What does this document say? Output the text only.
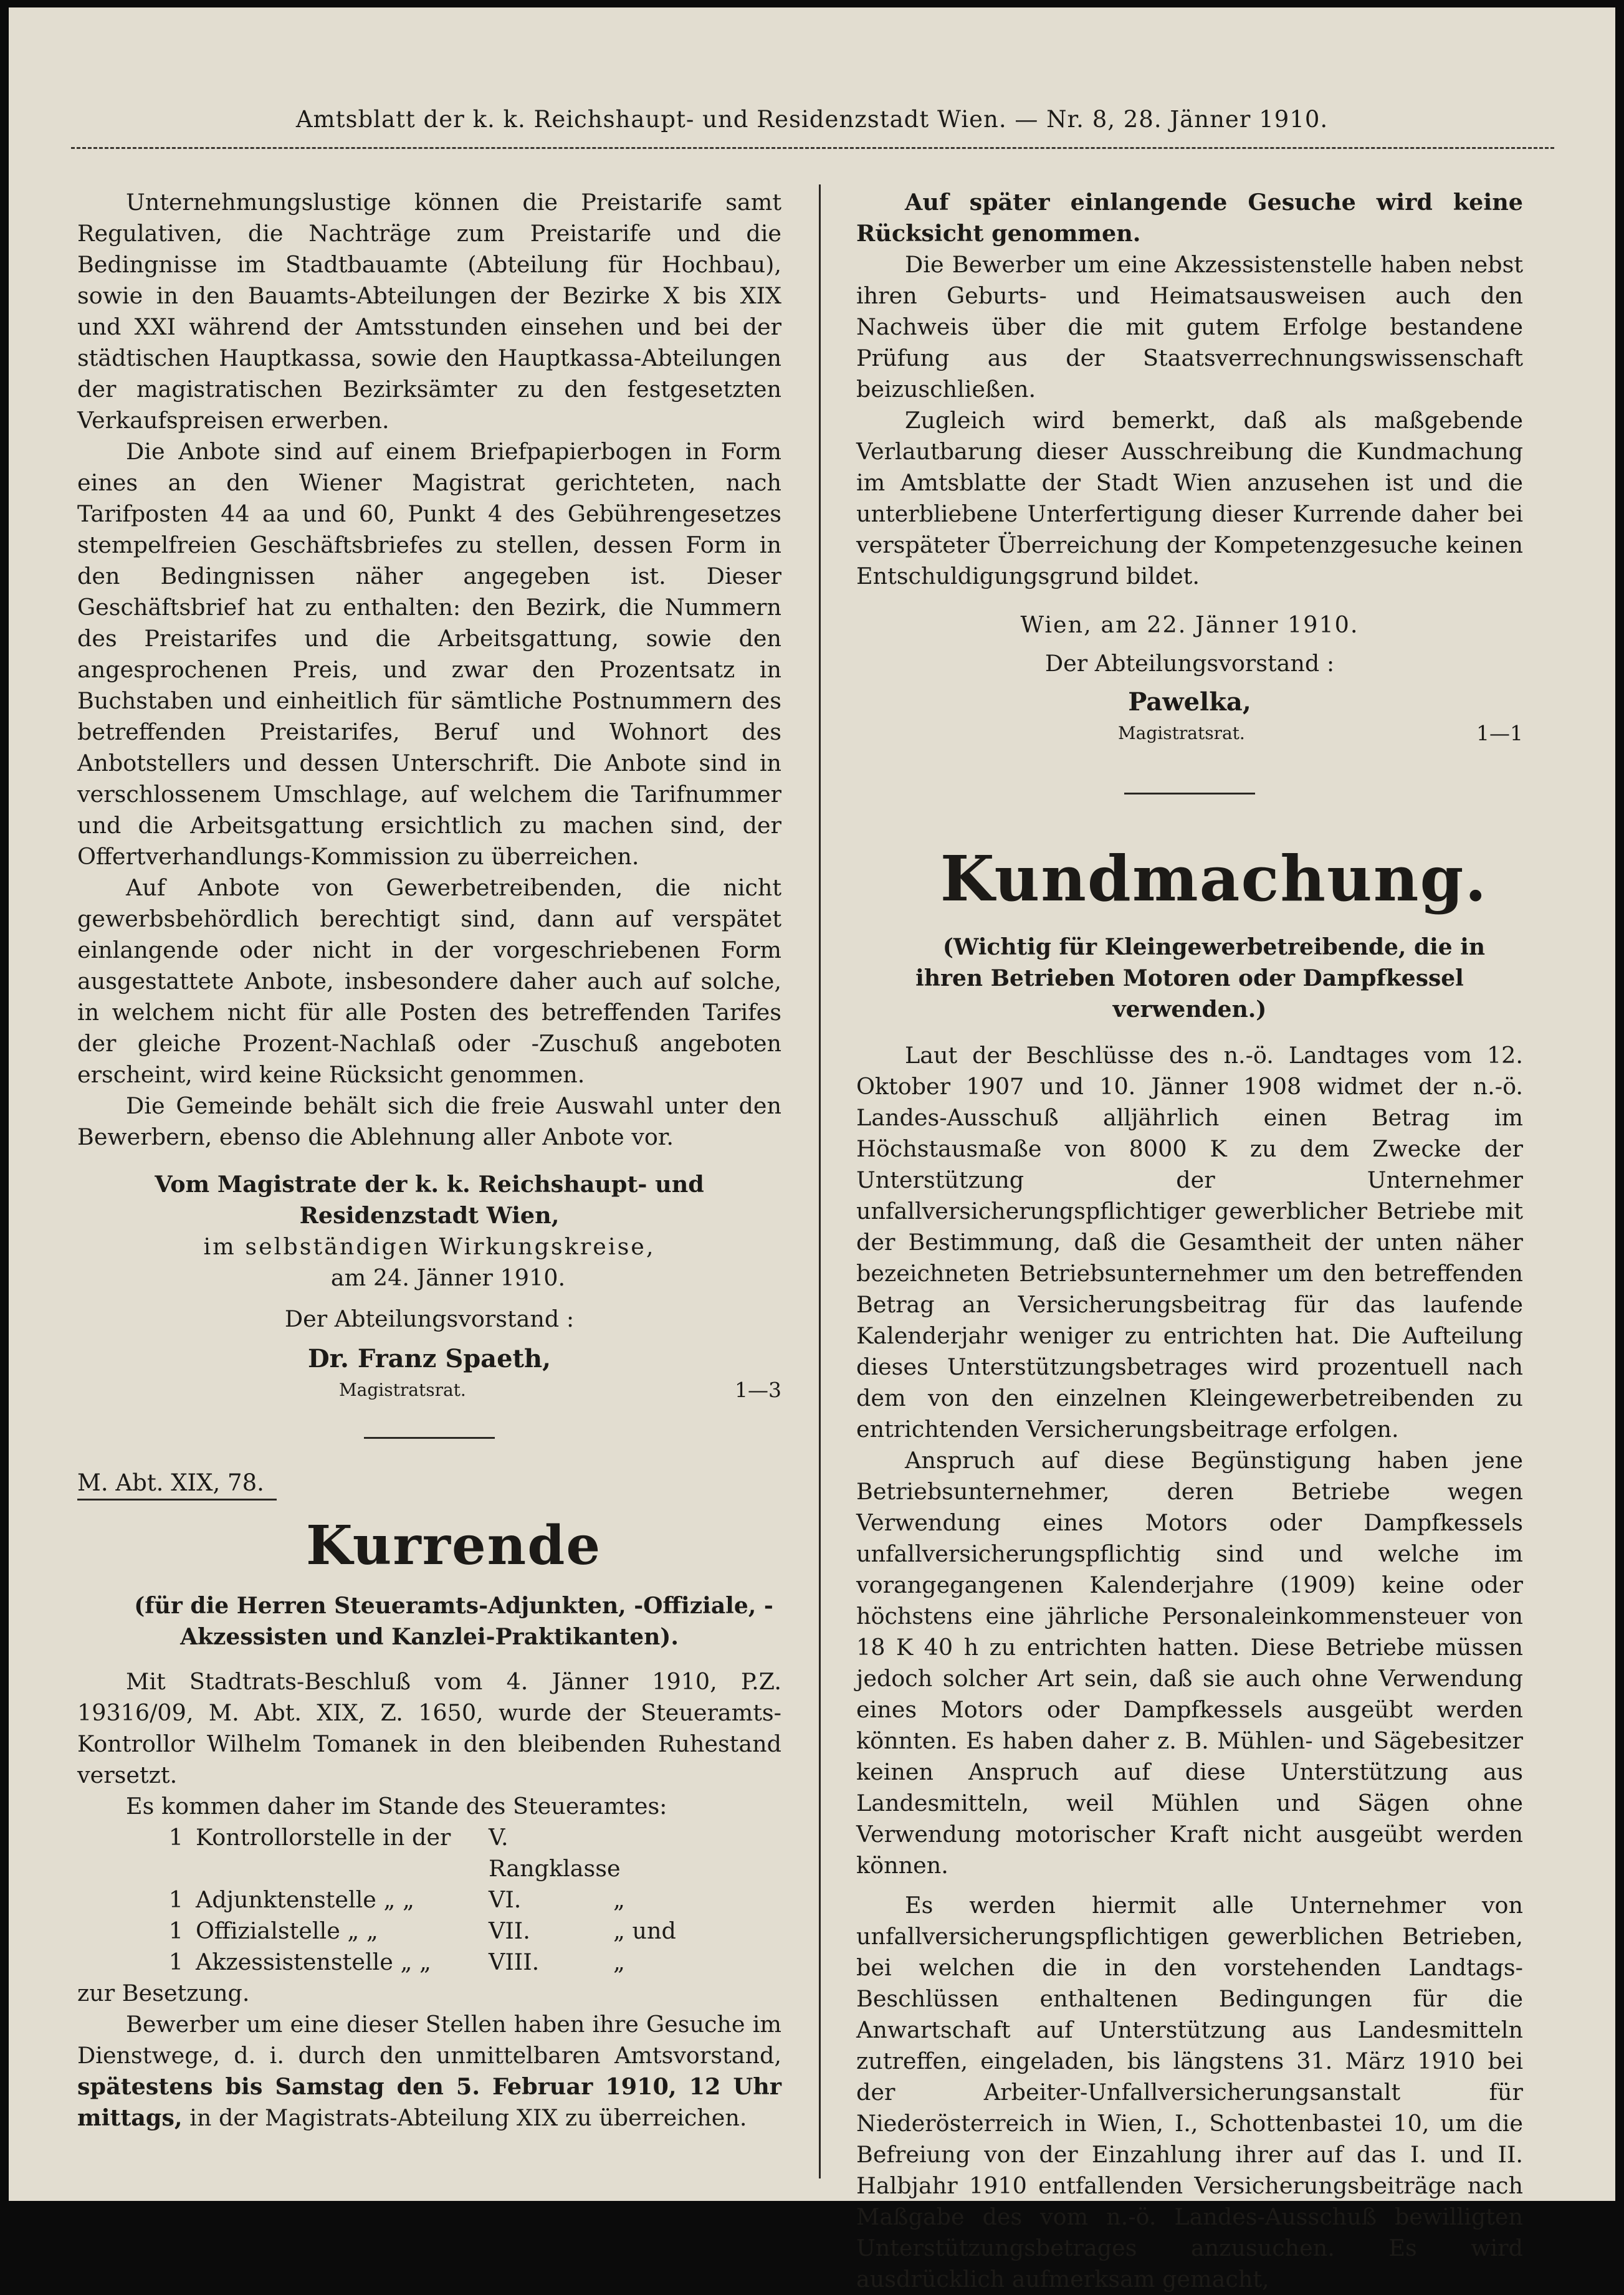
Amtsblatt der k. k. Reichshaupt- und Residenzstadt Wien. — Nr. 8, 28. Jänner 1910.

Unternehmungslustige können die Preistarife samt Regulativen, die Nachträge zum Preistarife und die Bedingnisse im Stadtbauamte (Abteilung für Hochbau), sowie in den Bauamts-Abteilungen der Bezirke X bis XIX und XXI während der Amtsstunden einsehen und bei der städtischen Hauptkassa, sowie den Hauptkassa-Abteilungen der magistratischen Bezirksämter zu den festgesetzten Verkaufspreisen erwerben.

Die Anbote sind auf einem Briefpapierbogen in Form eines an den Wiener Magistrat gerichteten, nach Tarifposten 44 aa und 60, Punkt 4 des Gebührengesetzes stempelfreien Geschäftsbriefes zu stellen, dessen Form in den Bedingnissen näher angegeben ist. Dieser Geschäftsbrief hat zu enthalten: den Bezirk, die Nummern des Preistarifes und die Arbeitsgattung, sowie den angesprochenen Preis, und zwar den Prozentsatz in Buchstaben und einheitlich für sämtliche Postnummern des betreffenden Preistarifes, Beruf und Wohnort des Anbotstellers und dessen Unterschrift. Die Anbote sind in verschlossenem Umschlage, auf welchem die Tarifnummer und die Arbeitsgattung ersichtlich zu machen sind, der Offertverhandlungs-Kommission zu überreichen.

Auf Anbote von Gewerbetreibenden, die nicht gewerbsbehördlich berechtigt sind, dann auf verspätet einlangende oder nicht in der vorgeschriebenen Form ausgestattete Anbote, insbesondere daher auch auf solche, in welchem nicht für alle Posten des betreffenden Tarifes der gleiche Prozent-Nachlaß oder -Zuschuß angeboten erscheint, wird keine Rücksicht genommen.

Die Gemeinde behält sich die freie Auswahl unter den Bewerbern, ebenso die Ablehnung aller Anbote vor.

Vom Magistrate der k. k. Reichshaupt- und Residenzstadt Wien,

im selbständigen Wirkungskreise,

am 24. Jänner 1910.

Der Abteilungsvorstand :

Dr. Franz Spaeth,
Magistratsrat.	1—3

M. Abt. XIX, 78.

Kurrende

(für die Herren Steueramts-Adjunkten, -Offiziale, -Akzessisten und Kanzlei-Praktikanten).

Mit Stadtrats-Beschluß vom 4. Jänner 1910, P.Z. 19316/09, M. Abt. XIX, Z. 1650, wurde der Steueramts-Kontrollor Wilhelm Tomanek in den bleibenden Ruhestand versetzt.

Es kommen daher im Stande des Steueramtes:

1 Kontrollorstelle in der	V. Rangklasse
1 Adjunktenstelle „ „	VI.	„
1 Offizialstelle „ „	VII.	„ und
1 Akzessistenstelle „ „	VIII.	„

zur Besetzung.

Bewerber um eine dieser Stellen haben ihre Gesuche im Dienstwege, d. i. durch den unmittelbaren Amtsvorstand, spätestens bis Samstag den 5. Februar 1910, 12 Uhr mittags, in der Magistrats-Abteilung XIX zu überreichen.

Auf später einlangende Gesuche wird keine Rücksicht genommen.

Die Bewerber um eine Akzessistenstelle haben nebst ihren Geburts- und Heimatsausweisen auch den Nachweis über die mit gutem Erfolge bestandene Prüfung aus der Staatsverrechnungswissenschaft beizuschließen.

Zugleich wird bemerkt, daß als maßgebende Verlautbarung dieser Ausschreibung die Kundmachung im Amtsblatte der Stadt Wien anzusehen ist und die unterbliebene Unterfertigung dieser Kurrende daher bei verspäteter Überreichung der Kompetenzgesuche keinen Entschuldigungsgrund bildet.

Wien, am 22. Jänner 1910.

Der Abteilungsvorstand :

Pawelka,
Magistratsrat.	1—1

Kundmachung.

(Wichtig für Kleingewerbetreibende, die in ihren Betrieben Motoren oder Dampfkessel verwenden.)

Laut der Beschlüsse des n.-ö. Landtages vom 12. Oktober 1907 und 10. Jänner 1908 widmet der n.-ö. Landes-Ausschuß alljährlich einen Betrag im Höchstausmaße von 8000 K zu dem Zwecke der Unterstützung der Unternehmer unfallversicherungspflichtiger gewerblicher Betriebe mit der Bestimmung, daß die Gesamtheit der unten näher bezeichneten Betriebsunternehmer um den betreffenden Betrag an Versicherungsbeitrag für das laufende Kalenderjahr weniger zu entrichten hat. Die Aufteilung dieses Unterstützungsbetrages wird prozentuell nach dem von den einzelnen Kleingewerbetreibenden zu entrichtenden Versicherungsbeitrage erfolgen.

Anspruch auf diese Begünstigung haben jene Betriebsunternehmer, deren Betriebe wegen Verwendung eines Motors oder Dampfkessels unfallversicherungspflichtig sind und welche im vorangegangenen Kalenderjahre (1909) keine oder höchstens eine jährliche Personaleinkommensteuer von 18 K 40 h zu entrichten hatten. Diese Betriebe müssen jedoch solcher Art sein, daß sie auch ohne Verwendung eines Motors oder Dampfkessels ausgeübt werden könnten. Es haben daher z. B. Mühlen- und Sägebesitzer keinen Anspruch auf diese Unterstützung aus Landesmitteln, weil Mühlen und Sägen ohne Verwendung motorischer Kraft nicht ausgeübt werden können.

Es werden hiermit alle Unternehmer von unfallversicherungspflichtigen gewerblichen Betrieben, bei welchen die in den vorstehenden Landtags-Beschlüssen enthaltenen Bedingungen für die Anwartschaft auf Unterstützung aus Landesmitteln zutreffen, eingeladen, bis längstens 31. März 1910 bei der Arbeiter-Unfallversicherungsanstalt für Niederösterreich in Wien, I., Schottenbastei 10, um die Befreiung von der Einzahlung ihrer auf das I. und II. Halbjahr 1910 entfallenden Versicherungsbeiträge nach Maßgabe des vom n.-ö. Landes-Ausschuß bewilligten Unterstützungsbetrages anzusuchen. Es wird ausdrücklich aufmerksam gemacht,
